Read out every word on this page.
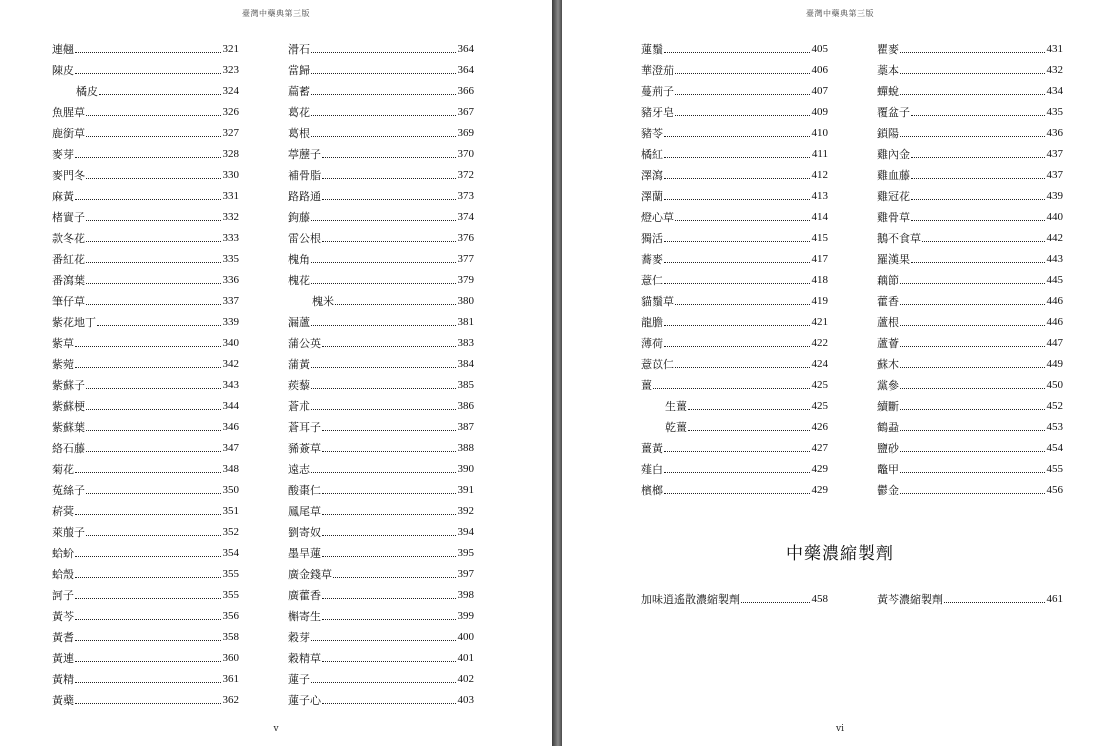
臺灣中藥典第三版
連翹	321
陳皮	323
橘皮	324
魚腥草	326
鹿銜草	327
麥芽	328
麥門冬	330
麻黃	331
楮實子	332
款冬花	333
番紅花	335
番瀉葉	336
筆仔草	337
紫花地丁	339
紫草	340
紫菀	342
紫蘇子	343
紫蘇梗	344
紫蘇葉	346
絡石藤	347
菊花	348
菟絲子	350
菥蓂	351
萊菔子	352
蛤蚧	354
蛤殼	355
訶子	355
黃芩	356
黃耆	358
黃連	360
黃精	361
黃蘗	362
滑石	364
當歸	364
萹蓄	366
葛花	367
葛根	369
葶藶子	370
補骨脂	372
路路通	373
鉤藤	374
雷公根	376
槐角	377
槐花	379
槐米	380
漏蘆	381
蒲公英	383
蒲黃	384
蒺藜	385
蒼朮	386
蒼耳子	387
豨薟草	388
遠志	390
酸棗仁	391
鳳尾草	392
劉寄奴	394
墨旱蓮	395
廣金錢草	397
廣藿香	398
槲寄生	399
穀芽	400
穀精草	401
蓮子	402
蓮子心	403
v
臺灣中藥典第三版
蓮鬚	405
華澄茄	406
蔓荊子	407
豬牙皂	409
豬苓	410
橘紅	411
澤瀉	412
澤蘭	413
燈心草	414
獨活	415
蕎麥	417
薏仁	418
貓鬚草	419
龍膽	421
薄荷	422
薏苡仁	424
薑	425
生薑	425
乾薑	426
薑黃	427
薤白	429
檳榔	429
瞿麥	431
藁本	432
蟬蛻	434
覆盆子	435
鎖陽	436
雞內金	437
雞血藤	437
雞冠花	439
雞骨草	440
鵝不食草	442
羅漢果	443
藕節	445
藿香	446
蘆根	446
蘆薈	447
蘇木	449
黨參	450
續斷	452
鶴蝨	453
鹽砂	454
鼈甲	455
鬱金	456
中藥濃縮製劑
加味逍遙散濃縮製劑	458	黃芩濃縮製劑	461
vi
